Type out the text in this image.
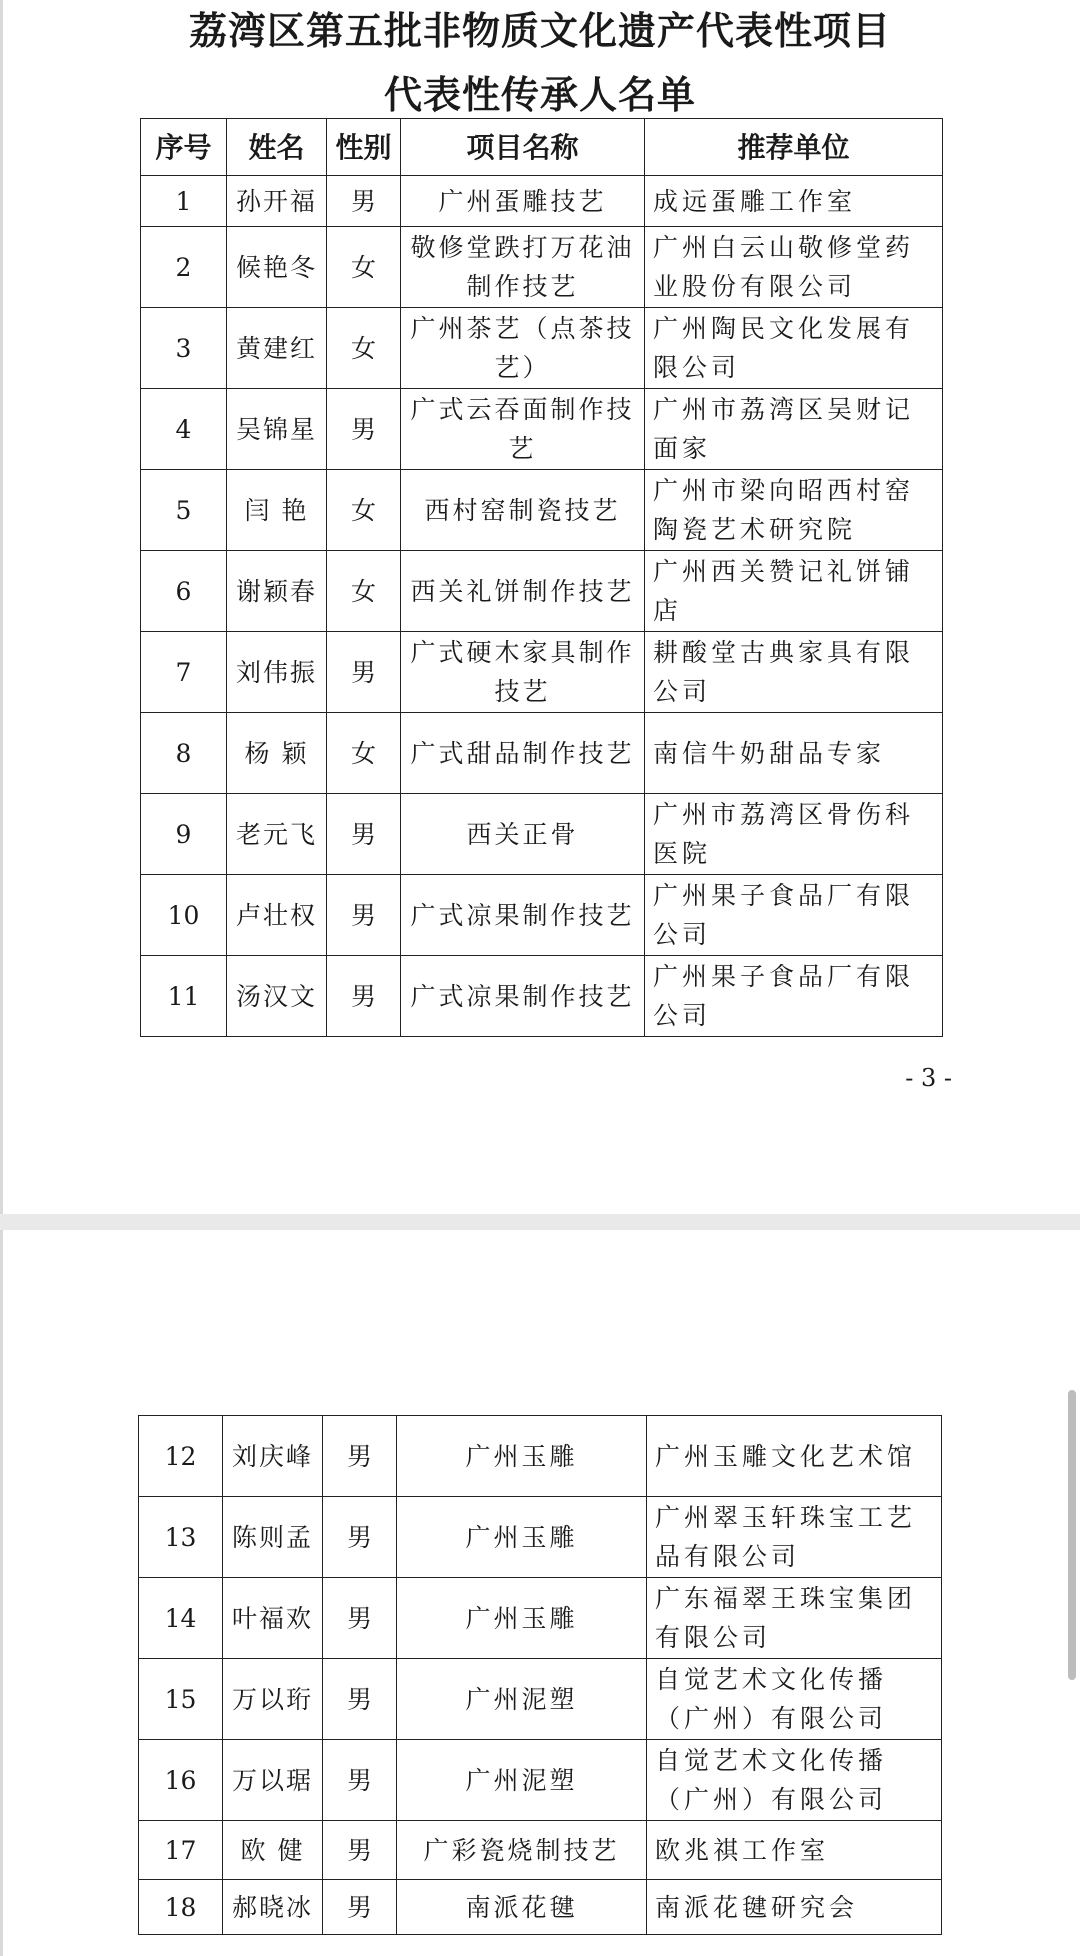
荔湾区第五批非物质文化遗产代表性项目
代表性传承人名单
序号	姓名	性别	项目名称	推荐单位
1	孙开福	男	广州蛋雕技艺	成远蛋雕工作室
2	候艳冬	女	敬修堂跌打万花油制作技艺	广州白云山敬修堂药业股份有限公司
3	黄建红	女	广州茶艺（点茶技艺）	广州陶民文化发展有限公司
4	吴锦星	男	广式云吞面制作技艺	广州市荔湾区吴财记面家
5	闫 艳	女	西村窑制瓷技艺	广州市梁向昭西村窑陶瓷艺术研究院
6	谢颖春	女	西关礼饼制作技艺	广州西关赞记礼饼铺店
7	刘伟振	男	广式硬木家具制作技艺	耕酸堂古典家具有限公司
8	杨 颖	女	广式甜品制作技艺	南信牛奶甜品专家
9	老元飞	男	西关正骨	广州市荔湾区骨伤科医院
10	卢壮权	男	广式凉果制作技艺	广州果子食品厂有限公司
11	汤汉文	男	广式凉果制作技艺	广州果子食品厂有限公司

- 3 -

12	刘庆峰	男	广州玉雕	广州玉雕文化艺术馆
13	陈则孟	男	广州玉雕	广州翠玉轩珠宝工艺品有限公司
14	叶福欢	男	广州玉雕	广东福翠王珠宝集团有限公司
15	万以珩	男	广州泥塑	自觉艺术文化传播（广州）有限公司
16	万以琚	男	广州泥塑	自觉艺术文化传播（广州）有限公司
17	欧 健	男	广彩瓷烧制技艺	欧兆祺工作室
18	郝晓冰	男	南派花毽	南派花毽研究会
